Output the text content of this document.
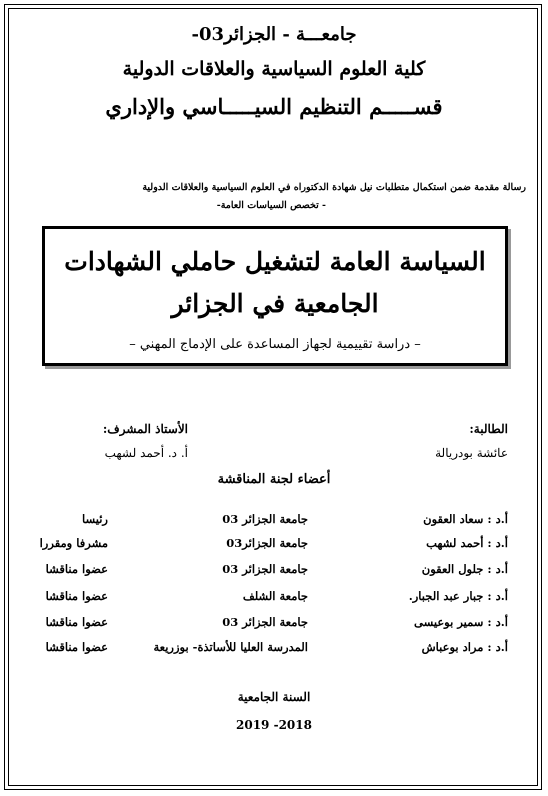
جامعـــة - الجزائر03-
كلية العلوم السياسية والعلاقات الدولية
قســـــم التنظيم السيـــــاسي والإداري
رسالة مقدمة ضمن استكمال متطلبات نيل شهادة الدكتوراه في العلوم السياسية والعلاقات الدولية
- تخصص السياسات العامة-
السياسة العامة لتشغيل حاملي الشهادات
الجامعية في الجزائر
– دراسة تقييمية لجهاز المساعدة على الإدماج المهني –
الطالبة:
عائشة بودريالة
الأستاذ المشرف:
أ. د. أحمد لشهب
أعضاء لجنة المناقشة
أ.د : سعاد العقون
جامعة الجزائر 03
رئيسا
أ.د : أحمد لشهب
جامعة الجزائر03
مشرفا ومقررا
أ.د : جلول العقون
جامعة الجزائر 03
عضوا مناقشا
أ.د : جبار عبد الجبار.
جامعة الشلف
عضوا مناقشا
أ.د : سمير بوعيسى
جامعة الجزائر 03
عضوا مناقشا
أ.د : مراد بوعباش
المدرسة العليا للأساتذة- بوزريعة
عضوا مناقشا
السنة الجامعية
2018- 2019
